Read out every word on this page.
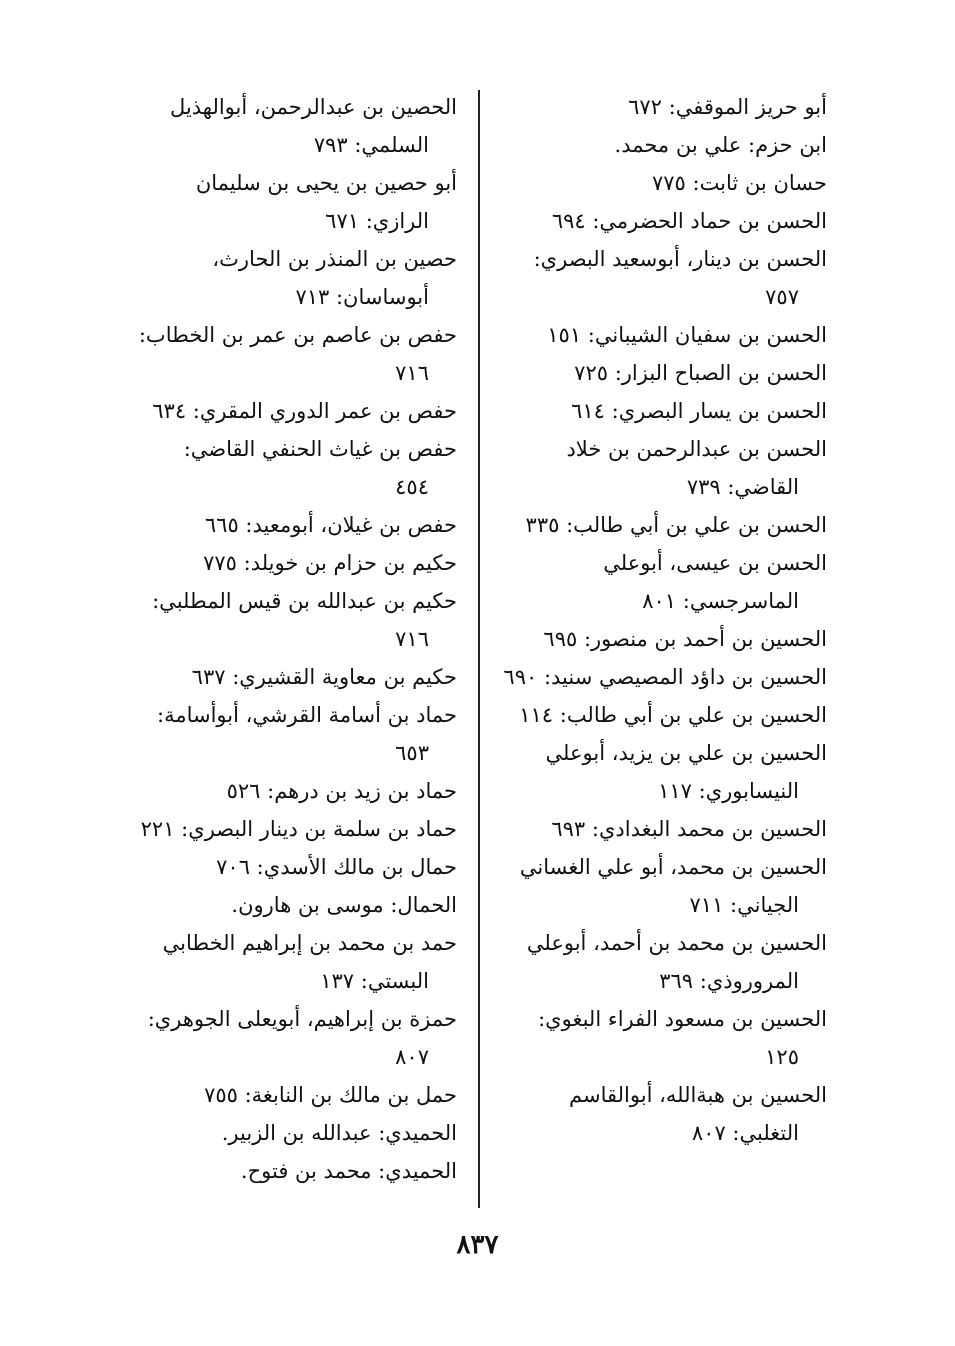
أبو حريز الموقفي: ٦٧٢
ابن حزم: علي بن محمد.
حسان بن ثابت: ٧٧٥
الحسن بن حماد الحضرمي: ٦٩٤
الحسن بن دينار، أبوسعيد البصري:
٧٥٧
الحسن بن سفيان الشيباني: ١٥١
الحسن بن الصباح البزار: ٧٢٥
الحسن بن يسار البصري: ٦١٤
الحسن بن عبدالرحمن بن خلاد
القاضي: ٧٣٩
الحسن بن علي بن أبي طالب: ٣٣٥
الحسن بن عيسى، أبوعلي
الماسرجسي: ٨٠١
الحسين بن أحمد بن منصور: ٦٩٥
الحسين بن داؤد المصيصي سنيد: ٦٩٠
الحسين بن علي بن أبي طالب: ١١٤
الحسين بن علي بن يزيد، أبوعلي
النيسابوري: ١١٧
الحسين بن محمد البغدادي: ٦٩٣
الحسين بن محمد، أبو علي الغساني
الجياني: ٧١١
الحسين بن محمد بن أحمد، أبوعلي
المروروذي: ٣٦٩
الحسين بن مسعود الفراء البغوي:
١٢٥
الحسين بن هبةالله، أبوالقاسم
التغلبي: ٨٠٧
الحصين بن عبدالرحمن، أبوالهذيل
السلمي: ٧٩٣
أبو حصين بن يحيى بن سليمان
الرازي: ٦٧١
حصين بن المنذر بن الحارث،
أبوساسان: ٧١٣
حفص بن عاصم بن عمر بن الخطاب:
٧١٦
حفص بن عمر الدوري المقري: ٦٣٤
حفص بن غياث الحنفي القاضي:
٤٥٤
حفص بن غيلان، أبومعيد: ٦٦٥
حكيم بن حزام بن خويلد: ٧٧٥
حكيم بن عبدالله بن قيس المطلبي:
٧١٦
حكيم بن معاوية القشيري: ٦٣٧
حماد بن أسامة القرشي، أبوأسامة:
٦٥٣
حماد بن زيد بن درهم: ٥٢٦
حماد بن سلمة بن دينار البصري: ٢٢١
حمال بن مالك الأسدي: ٧٠٦
الحمال: موسى بن هارون.
حمد بن محمد بن إبراهيم الخطابي
البستي: ١٣٧
حمزة بن إبراهيم، أبويعلى الجوهري:
٨٠٧
حمل بن مالك بن النابغة: ٧٥٥
الحميدي: عبدالله بن الزبير.
الحميدي: محمد بن فتوح.
٨٣٧
